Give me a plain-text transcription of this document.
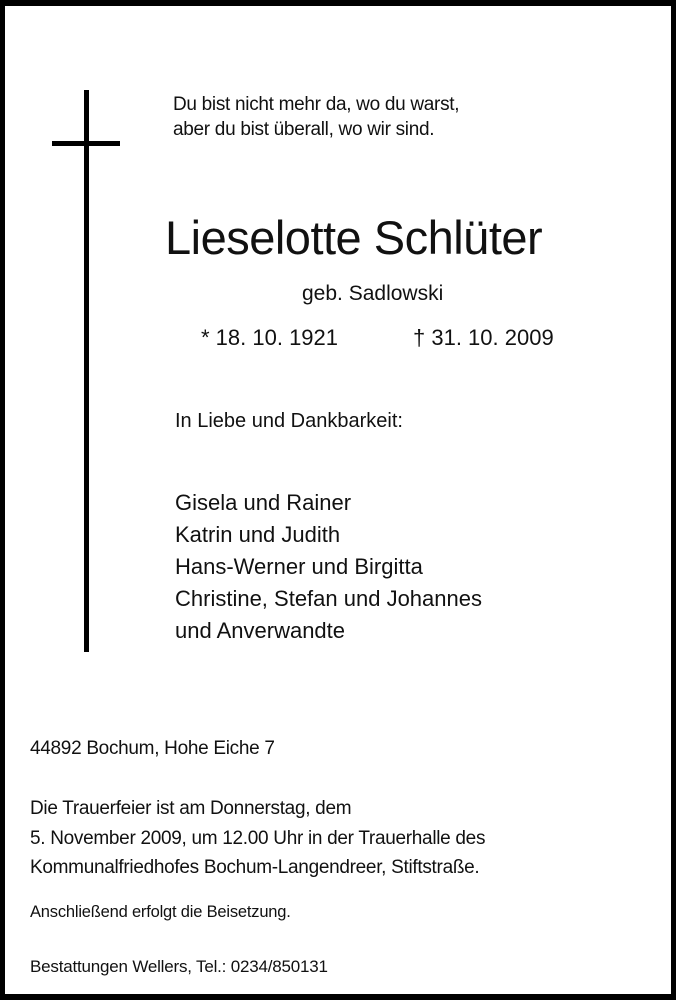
Du bist nicht mehr da, wo du warst,
aber du bist überall, wo wir sind.
Lieselotte Schlüter
geb. Sadlowski
* 18. 10. 1921	† 31. 10. 2009
In Liebe und Dankbarkeit:
Gisela und Rainer
Katrin und Judith
Hans-Werner und Birgitta
Christine, Stefan und Johannes
und Anverwandte
44892 Bochum, Hohe Eiche 7
Die Trauerfeier ist am Donnerstag, dem
5. November 2009, um 12.00 Uhr in der Trauerhalle des
Kommunalfriedhofes Bochum-Langendreer, Stiftstraße.
Anschließend erfolgt die Beisetzung.
Bestattungen Wellers, Tel.: 0234/850131
